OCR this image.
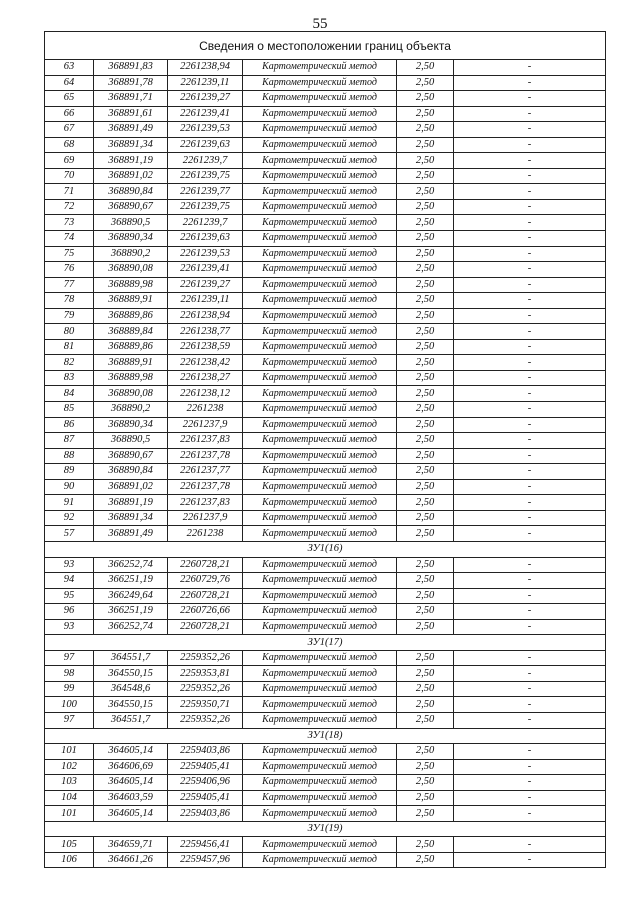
55
Сведения о местоположении границ объекта					
63	368891,83	2261238,94	Картометрический метод	2,50	-
64	368891,78	2261239,11	Картометрический метод	2,50	-
65	368891,71	2261239,27	Картометрический метод	2,50	-
66	368891,61	2261239,41	Картометрический метод	2,50	-
67	368891,49	2261239,53	Картометрический метод	2,50	-
68	368891,34	2261239,63	Картометрический метод	2,50	-
69	368891,19	2261239,7	Картометрический метод	2,50	-
70	368891,02	2261239,75	Картометрический метод	2,50	-
71	368890,84	2261239,77	Картометрический метод	2,50	-
72	368890,67	2261239,75	Картометрический метод	2,50	-
73	368890,5	2261239,7	Картометрический метод	2,50	-
74	368890,34	2261239,63	Картометрический метод	2,50	-
75	368890,2	2261239,53	Картометрический метод	2,50	-
76	368890,08	2261239,41	Картометрический метод	2,50	-
77	368889,98	2261239,27	Картометрический метод	2,50	-
78	368889,91	2261239,11	Картометрический метод	2,50	-
79	368889,86	2261238,94	Картометрический метод	2,50	-
80	368889,84	2261238,77	Картометрический метод	2,50	-
81	368889,86	2261238,59	Картометрический метод	2,50	-
82	368889,91	2261238,42	Картометрический метод	2,50	-
83	368889,98	2261238,27	Картометрический метод	2,50	-
84	368890,08	2261238,12	Картометрический метод	2,50	-
85	368890,2	2261238	Картометрический метод	2,50	-
86	368890,34	2261237,9	Картометрический метод	2,50	-
87	368890,5	2261237,83	Картометрический метод	2,50	-
88	368890,67	2261237,78	Картометрический метод	2,50	-
89	368890,84	2261237,77	Картометрический метод	2,50	-
90	368891,02	2261237,78	Картометрический метод	2,50	-
91	368891,19	2261237,83	Картометрический метод	2,50	-
92	368891,34	2261237,9	Картометрический метод	2,50	-
57	368891,49	2261238	Картометрический метод	2,50	-
ЗУ1(16)					
93	366252,74	2260728,21	Картометрический метод	2,50	-
94	366251,19	2260729,76	Картометрический метод	2,50	-
95	366249,64	2260728,21	Картометрический метод	2,50	-
96	366251,19	2260726,66	Картометрический метод	2,50	-
93	366252,74	2260728,21	Картометрический метод	2,50	-
ЗУ1(17)					
97	364551,7	2259352,26	Картометрический метод	2,50	-
98	364550,15	2259353,81	Картометрический метод	2,50	-
99	364548,6	2259352,26	Картометрический метод	2,50	-
100	364550,15	2259350,71	Картометрический метод	2,50	-
97	364551,7	2259352,26	Картометрический метод	2,50	-
ЗУ1(18)					
101	364605,14	2259403,86	Картометрический метод	2,50	-
102	364606,69	2259405,41	Картометрический метод	2,50	-
103	364605,14	2259406,96	Картометрический метод	2,50	-
104	364603,59	2259405,41	Картометрический метод	2,50	-
101	364605,14	2259403,86	Картометрический метод	2,50	-
ЗУ1(19)					
105	364659,71	2259456,41	Картометрический метод	2,50	-
106	364661,26	2259457,96	Картометрический метод	2,50	-
